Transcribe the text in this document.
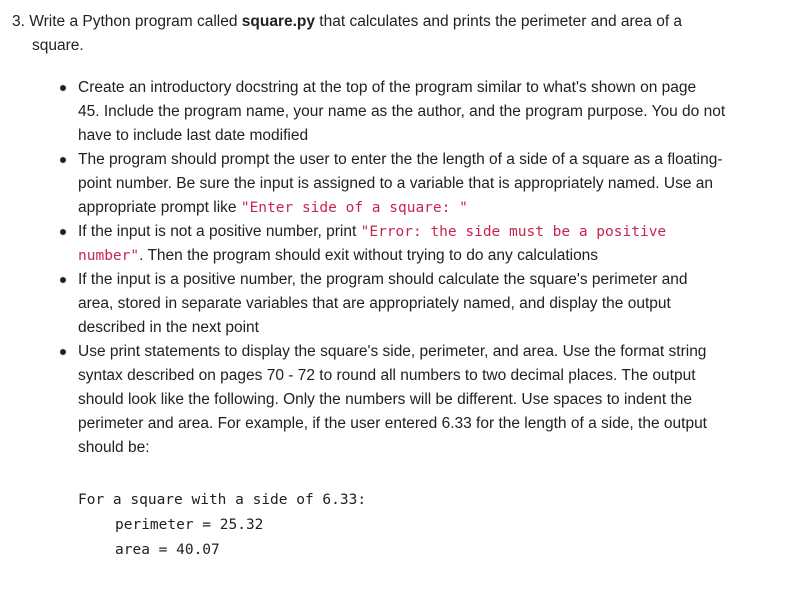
3. Write a Python program called square.py that calculates and prints the perimeter and area of a

square.

Create an introductory docstring at the top of the program similar to what's shown on page
45. Include the program name, your name as the author, and the program purpose. You do not
have to include last date modified
The program should prompt the user to enter the the length of a side of a square as a floating-
point number. Be sure the input is assigned to a variable that is appropriately named. Use an
appropriate prompt like "Enter side of a square: "
If the input is not a positive number, print "Error: the side must be a positive
number". Then the program should exit without trying to do any calculations
If the input is a positive number, the program should calculate the square's perimeter and
area, stored in separate variables that are appropriately named, and display the output
described in the next point
Use print statements to display the square's side, perimeter, and area. Use the format string
syntax described on pages 70 - 72 to round all numbers to two decimal places. The output
should look like the following. Only the numbers will be different. Use spaces to indent the
perimeter and area. For example, if the user entered 6.33 for the length of a side, the output
should be:
For a square with a side of 6.33:
perimeter = 25.32
area = 40.07
